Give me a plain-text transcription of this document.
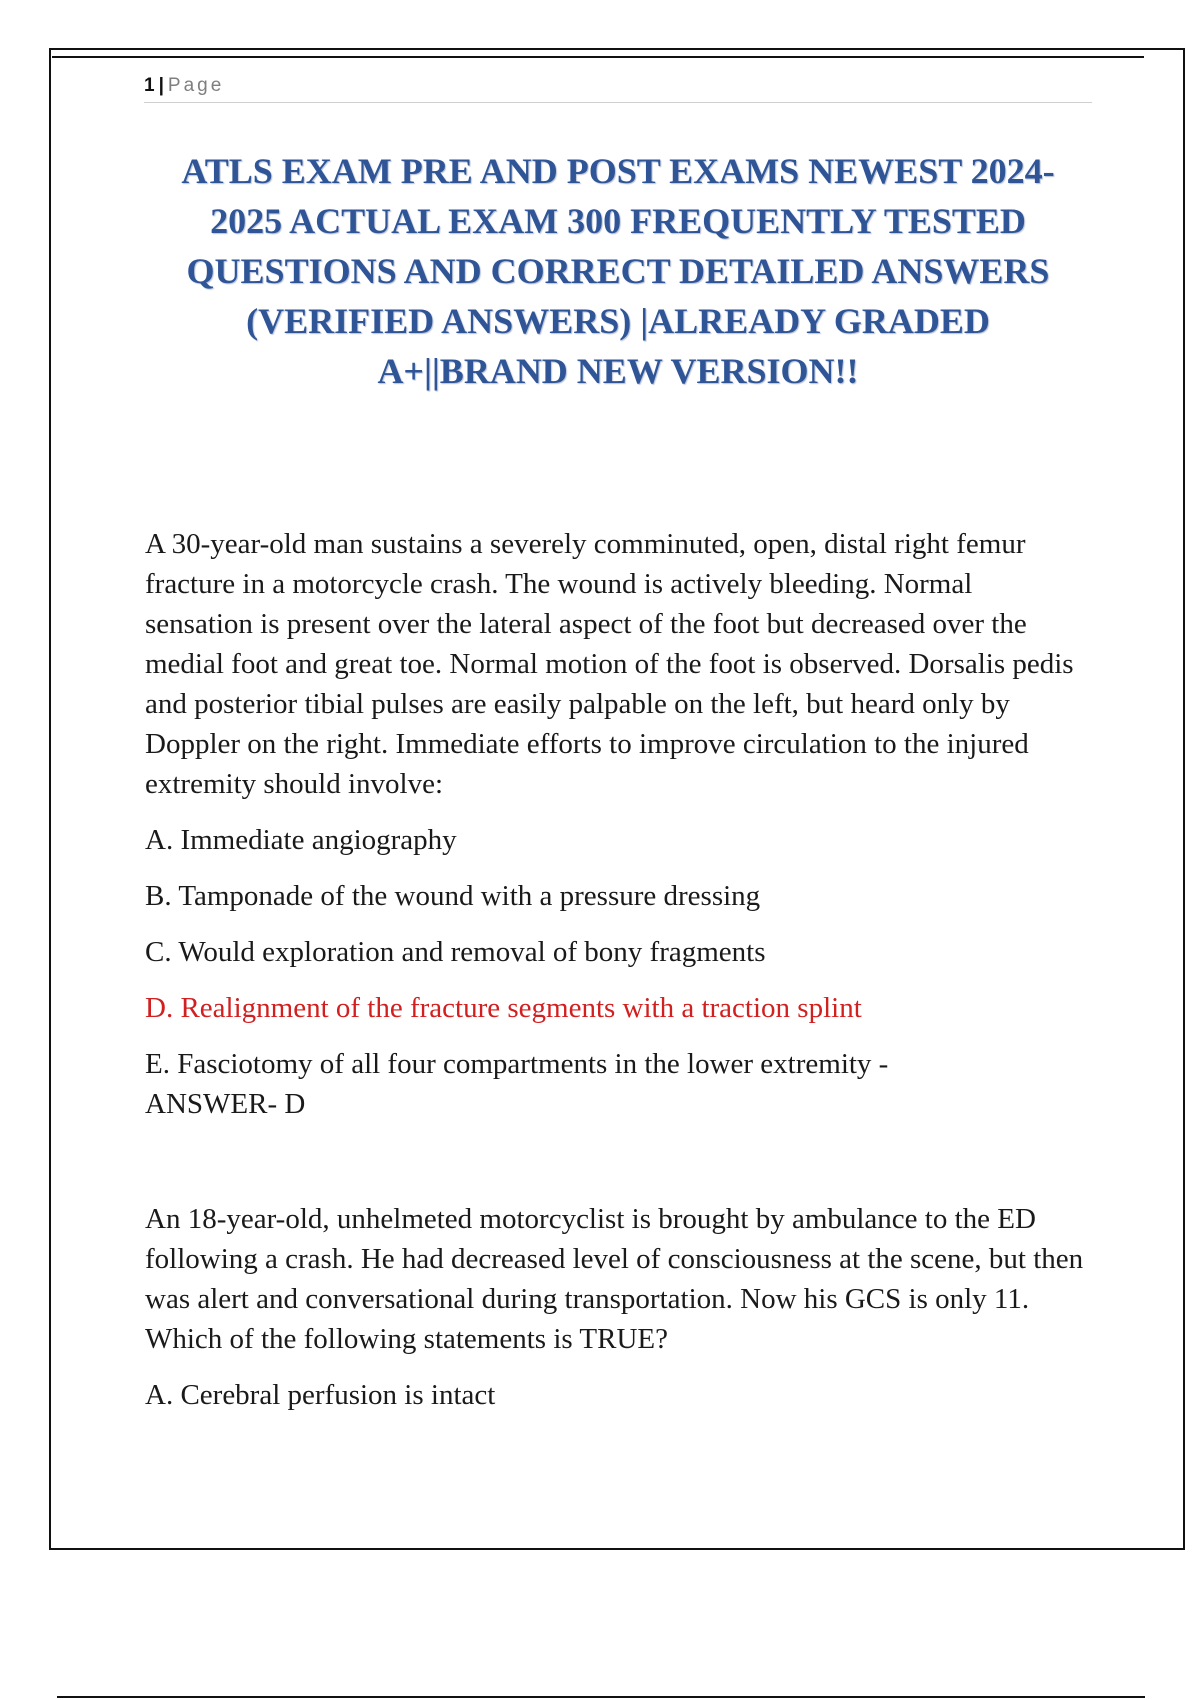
1 | Page
ATLS EXAM PRE AND POST EXAMS NEWEST 2024-2025 ACTUAL EXAM 300 FREQUENTLY TESTED QUESTIONS AND CORRECT DETAILED ANSWERS (VERIFIED ANSWERS) |ALREADY GRADED A+||BRAND NEW VERSION!!

A 30-year-old man sustains a severely comminuted, open, distal right femur fracture in a motorcycle crash. The wound is actively bleeding. Normal sensation is present over the lateral aspect of the foot but decreased over the medial foot and great toe. Normal motion of the foot is observed. Dorsalis pedis and posterior tibial pulses are easily palpable on the left, but heard only by Doppler on the right. Immediate efforts to improve circulation to the injured extremity should involve:

A. Immediate angiography

B. Tamponade of the wound with a pressure dressing

C. Would exploration and removal of bony fragments

D. Realignment of the fracture segments with a traction splint

E. Fasciotomy of all four compartments in the lower extremity -
ANSWER- D

An 18-year-old, unhelmeted motorcyclist is brought by ambulance to the ED following a crash. He had decreased level of consciousness at the scene, but then was alert and conversational during transportation. Now his GCS is only 11. Which of the following statements is TRUE?

A. Cerebral perfusion is intact
